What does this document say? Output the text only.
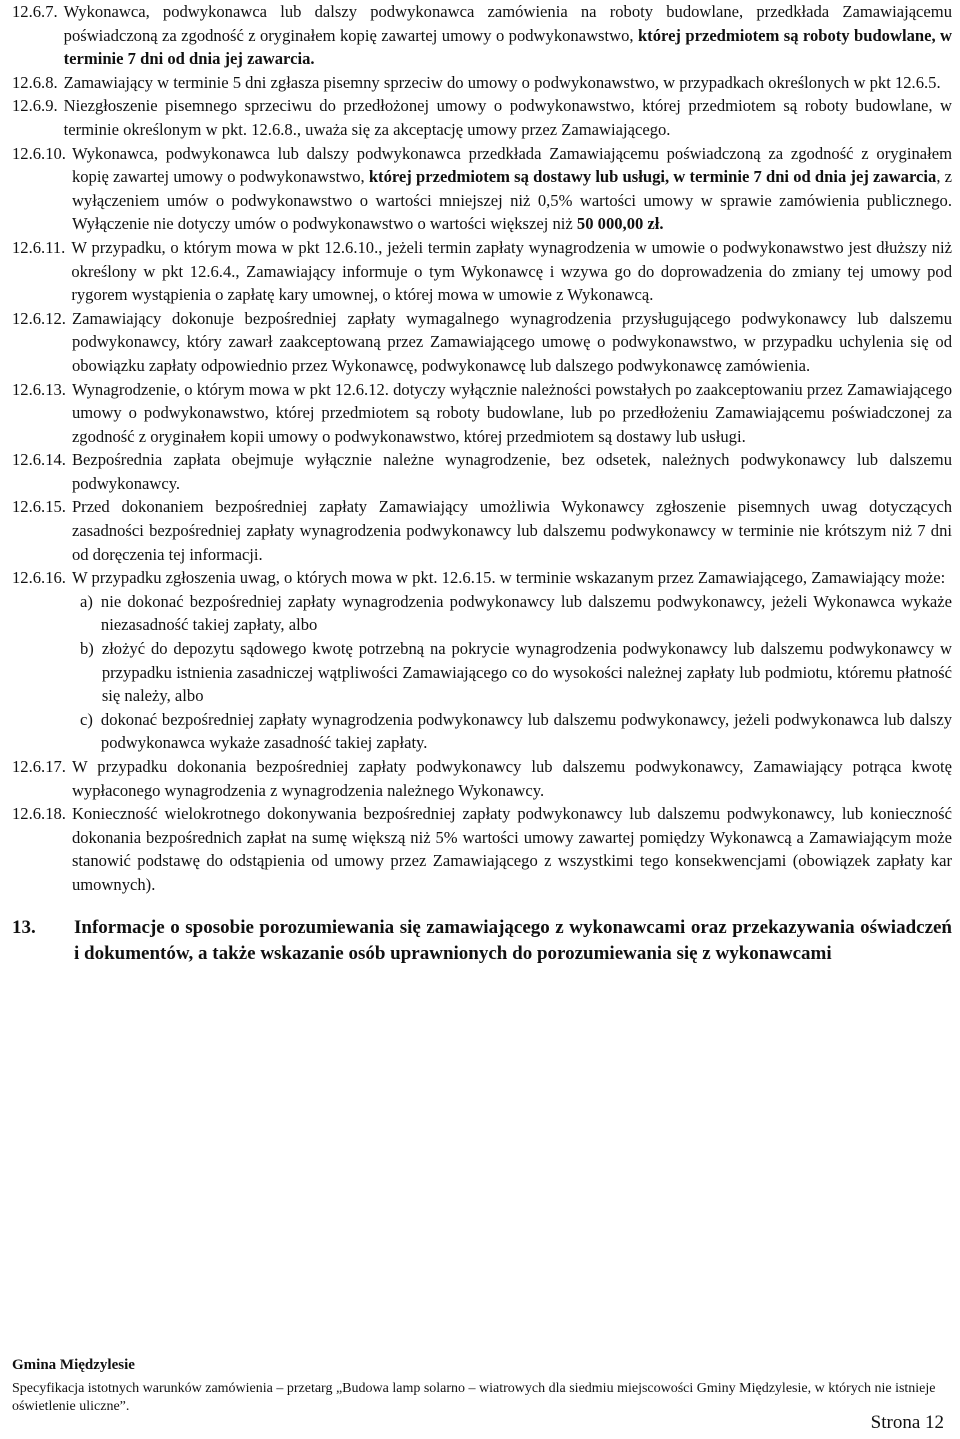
12.6.7. Wykonawca, podwykonawca lub dalszy podwykonawca zamówienia na roboty budowlane, przedkłada Zamawiającemu poświadczoną za zgodność z oryginałem kopię zawartej umowy o podwykonawstwo, której przedmiotem są roboty budowlane, w terminie 7 dni od dnia jej zawarcia.
12.6.8. Zamawiający w terminie 5 dni zgłasza pisemny sprzeciw do umowy o podwykonawstwo, w przypadkach określonych w pkt 12.6.5.
12.6.9. Niezgłoszenie pisemnego sprzeciwu do przedłożonej umowy o podwykonawstwo, której przedmiotem są roboty budowlane, w terminie określonym w pkt. 12.6.8., uważa się za akceptację umowy przez Zamawiającego.
12.6.10. Wykonawca, podwykonawca lub dalszy podwykonawca przedkłada Zamawiającemu poświadczoną za zgodność z oryginałem kopię zawartej umowy o podwykonawstwo, której przedmiotem są dostawy lub usługi, w terminie 7 dni od dnia jej zawarcia, z wyłączeniem umów o podwykonawstwo o wartości mniejszej niż 0,5% wartości umowy w sprawie zamówienia publicznego. Wyłączenie nie dotyczy umów o podwykonawstwo o wartości większej niż 50 000,00 zł.
12.6.11. W przypadku, o którym mowa w pkt 12.6.10., jeżeli termin zapłaty wynagrodzenia w umowie o podwykonawstwo jest dłuższy niż określony w pkt 12.6.4., Zamawiający informuje o tym Wykonawcę i wzywa go do doprowadzenia do zmiany tej umowy pod rygorem wystąpienia o zapłatę kary umownej, o której mowa w umowie z Wykonawcą.
12.6.12. Zamawiający dokonuje bezpośredniej zapłaty wymagalnego wynagrodzenia przysługującego podwykonawcy lub dalszemu podwykonawcy, który zawarł zaakceptowaną przez Zamawiającego umowę o podwykonawstwo, w przypadku uchylenia się od obowiązku zapłaty odpowiednio przez Wykonawcę, podwykonawcę lub dalszego podwykonawcę zamówienia.
12.6.13. Wynagrodzenie, o którym mowa w pkt 12.6.12. dotyczy wyłącznie należności powstałych po zaakceptowaniu przez Zamawiającego umowy o podwykonawstwo, której przedmiotem są roboty budowlane, lub po przedłożeniu Zamawiającemu poświadczonej za zgodność z oryginałem kopii umowy o podwykonawstwo, której przedmiotem są dostawy lub usługi.
12.6.14. Bezpośrednia zapłata obejmuje wyłącznie należne wynagrodzenie, bez odsetek, należnych podwykonawcy lub dalszemu podwykonawcy.
12.6.15. Przed dokonaniem bezpośredniej zapłaty Zamawiający umożliwia Wykonawcy zgłoszenie pisemnych uwag dotyczących zasadności bezpośredniej zapłaty wynagrodzenia podwykonawcy lub dalszemu podwykonawcy w terminie nie krótszym niż 7 dni od doręczenia tej informacji.
12.6.16. W przypadku zgłoszenia uwag, o których mowa w pkt. 12.6.15. w terminie wskazanym przez Zamawiającego, Zamawiający może:
a) nie dokonać bezpośredniej zapłaty wynagrodzenia podwykonawcy lub dalszemu podwykonawcy, jeżeli Wykonawca wykaże niezasadność takiej zapłaty, albo
b) złożyć do depozytu sądowego kwotę potrzebną na pokrycie wynagrodzenia podwykonawcy lub dalszemu podwykonawcy w przypadku istnienia zasadniczej wątpliwości Zamawiającego co do wysokości należnej zapłaty lub podmiotu, któremu płatność się należy, albo
c) dokonać bezpośredniej zapłaty wynagrodzenia podwykonawcy lub dalszemu podwykonawcy, jeżeli podwykonawca lub dalszy podwykonawca wykaże zasadność takiej zapłaty.
12.6.17. W przypadku dokonania bezpośredniej zapłaty podwykonawcy lub dalszemu podwykonawcy, Zamawiający potrąca kwotę wypłaconego wynagrodzenia z wynagrodzenia należnego Wykonawcy.
12.6.18. Konieczność wielokrotnego dokonywania bezpośredniej zapłaty podwykonawcy lub dalszemu podwykonawcy, lub konieczność dokonania bezpośrednich zapłat na sumę większą niż 5% wartości umowy zawartej pomiędzy Wykonawcą a Zamawiającym może stanowić podstawę do odstąpienia od umowy przez Zamawiającego z wszystkimi tego konsekwencjami (obowiązek zapłaty kar umownych).
13.	Informacje o sposobie porozumiewania się zamawiającego z wykonawcami oraz przekazywania oświadczeń i dokumentów, a także wskazanie osób uprawnionych do porozumiewania się z wykonawcami
Gmina Międzylesie
Specyfikacja istotnych warunków zamówienia – przetarg „Budowa lamp solarno – wiatrowych dla siedmiu miejscowości Gminy Międzylesie, w których nie istnieje oświetlenie uliczne”.
Strona 12
